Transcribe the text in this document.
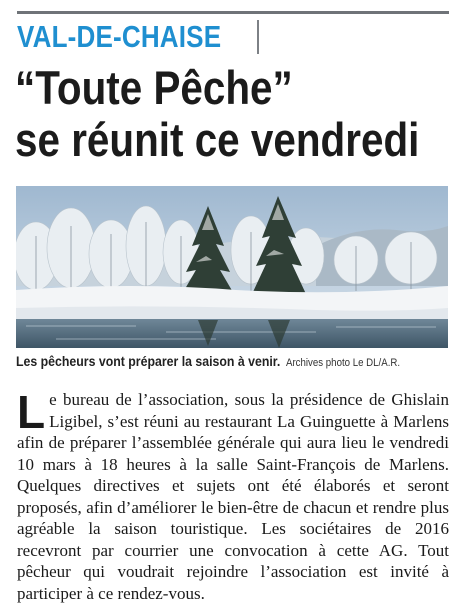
VAL-DE-CHAISE
“Toute Pêche”
se réunit ce vendredi
Les pêcheurs vont préparer la saison à venir. Archives photo Le DL/A.R.

Le bureau de l’association, sous la présidence de Ghislain Ligibel, s’est réuni au restaurant La Guinguette à Marlens afin de préparer l’assemblée générale qui aura lieu le vendredi 10 mars à 18 heures à la salle Saint-François de Marlens. Quelques directives et sujets ont été élaborés et seront proposés, afin d’améliorer le bien-être de chacun et rendre plus agréable la saison touristique. Les sociétaires de 2016 recevront par courrier une convocation à cette AG. Tout pêcheur qui voudrait rejoindre l’association est invité à participer à ce rendez-vous.
